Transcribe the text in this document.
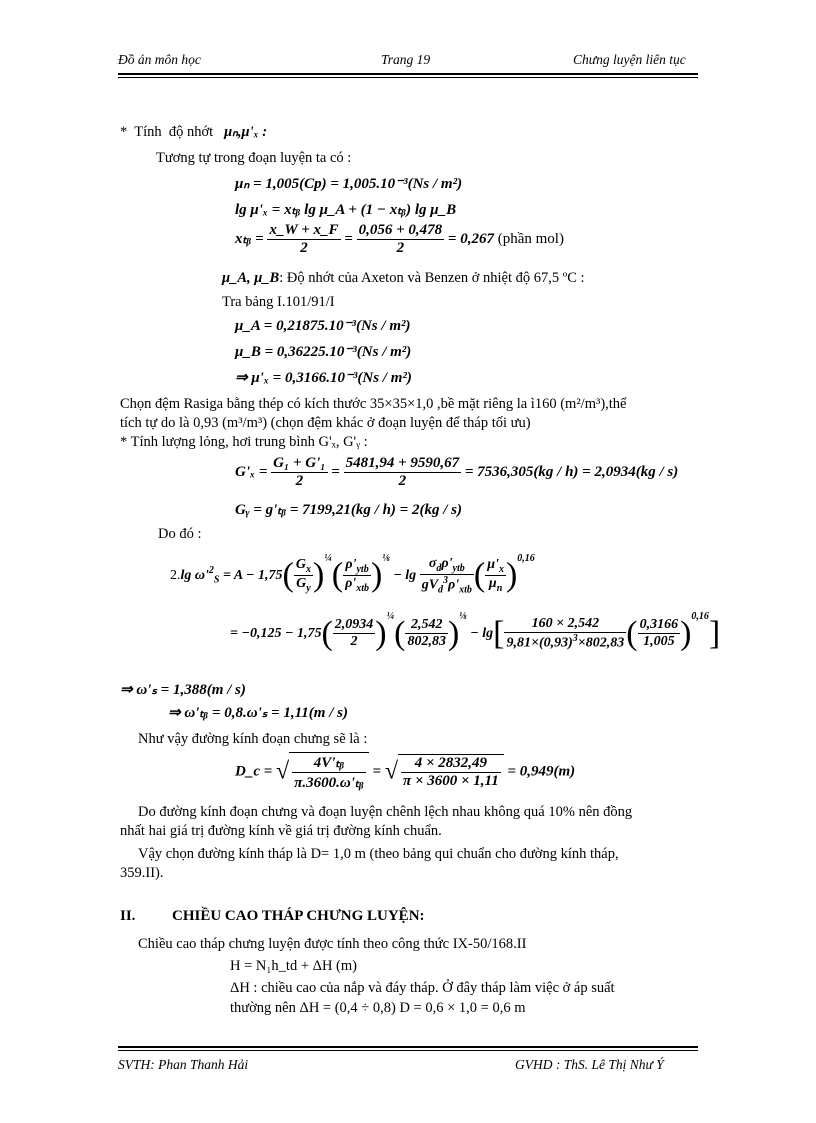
Đồ án môn học	Trang 19	Chưng luyện liên tục
*  Tính  độ nhớt   μₙ,μ'ₓ :
Tương tự trong đoạn luyện ta có :
μₙ = 1,005(Cp) = 1,005.10⁻³(Ns / m²)
lg μ'ₓ = xₜᵦ lg μ_A + (1 − xₜᵦ) lg μ_B
xₜᵦ = $\frac{x\_W + x\_F}{2} = \frac{0,056 + 0,478}{2} = 0,267$ (phần mol)
μ_A, μ_B: Độ nhớt của Axeton và Benzen ở nhiệt độ 67,5 ºC :
Tra bảng I.101/91/I
μ_A = 0,21875.10⁻³(Ns / m²)
μ_B = 0,36225.10⁻³(Ns / m²)
⇒ μ'ₓ = 0,3166.10⁻³(Ns / m²)
Chọn đệm Rasiga bằng thép có kích thước 35×35×1,0 ,bề mặt riêng la ì160 (m²/m³),thể
tích tự do là 0,93 (m³/m³) (chọn đệm khác ở đoạn luyện để tháp tối ưu)
* Tính lượng lỏng, hơi trung bình G'ₓ, G'ᵧ :
$G'_x = \frac{\text{G₁ + G'₁}}{2} = \frac{5481,94 + 9590,67}{2} = 7536,305(kg / h) = 2,0934(kg / s)$
Gᵧ = g'ₜᵦ = 7199,21(kg / h) = 2(kg / s)
Do đó :
2.lg $\omega'^2_S = A - 1,75( \frac{G_x}{G_y} )^{\frac{1}{4}}( \frac{\rho'_{ytb}}{\rho'_{xtb}} )^{\frac{1}{8}} - \lg \frac{\sigma_d\rho'_{ytb}}{gV_d^3\rho'_{xtb}}$ ( $\frac{\mu'_x}{\mu_n} )^{0,16}$
= $-0,125 - 1,75( \frac{2,0934}{2} )^{\frac{1}{4}}( \frac{2,542}{802,83} )^{\frac{1}{8}} - \lg[ \frac{160 \times 2,542}{9,81\times(0,93)^3\times 802,83}$ ( $\frac{0,3166}{1,005} )^{0,16}$]
⇒ ω'ₛ = 1,388(m / s)
⇒ ω'ₜᵦ = 0,8.ω'ₛ = 1,11(m / s)
Như vậy đường kính đoạn chưng sẽ là :
D_c = √ $\frac{\text{4V'ₜᵦ}}{\text{π.3600.ω'ₜᵦ}}$ = √ $\frac{4 \times 2832,49}{\pi \times 3600 \times 1,11} = 0,949(m)$
Do đường kính đoạn chưng và đoạn luyện chênh lệch nhau không quá 10% nên đồng
nhất hai giá trị đường kính về giá trị đường kính chuẩn.
Vậy chọn đường kính tháp là D= 1,0 m (theo bảng qui chuẩn cho đường kính tháp,
359.II).
II. CHIỀU CAO THÁP CHƯNG LUYỆN:
Chiều cao tháp chưng luyện được tính theo công thức IX-50/168.II
H = N₁h_td + ΔH (m)
ΔH : chiều cao của nắp và đáy tháp. Ở đây tháp làm việc ở áp suất
thường nên ΔH = (0,4 ÷ 0,8) D = 0,6 × 1,0 = 0,6 m
SVTH: Phan Thanh Hải	GVHD : ThS. Lê Thị Như Ý
